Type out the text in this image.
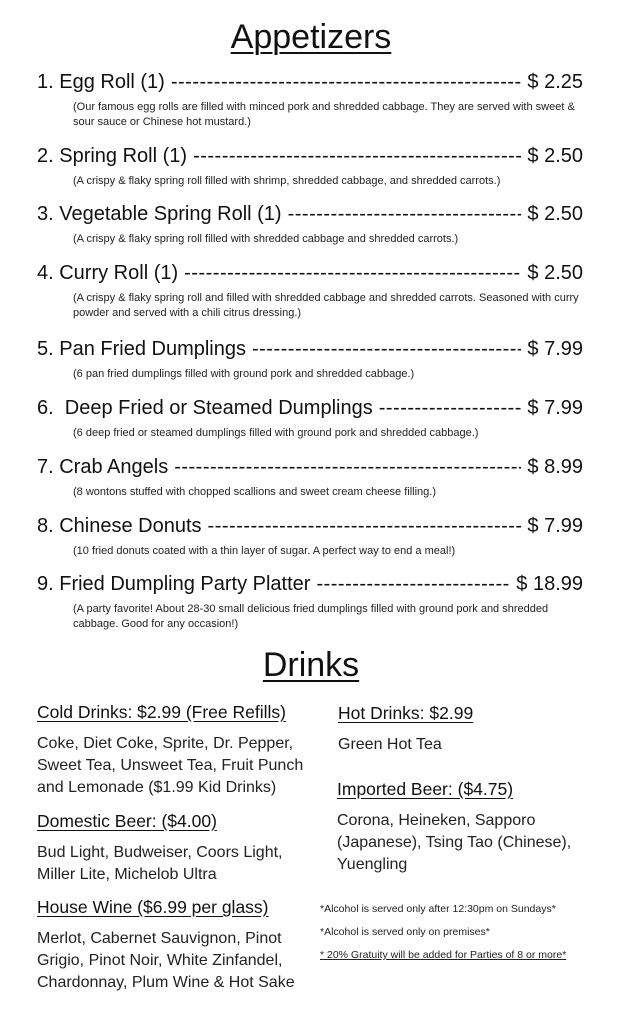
Appetizers
1. Egg Roll (1) -----	$ 2.25
(Our famous egg rolls are filled with minced pork and shredded cabbage. They are served with sweet & sour sauce or Chinese hot mustard.)
2. Spring Roll (1) -----	$ 2.50
(A crispy & flaky spring roll filled with shrimp, shredded cabbage, and shredded carrots.)
3. Vegetable Spring Roll (1) -----	$ 2.50
(A crispy & flaky spring roll filled with shredded cabbage and shredded carrots.)
4. Curry Roll (1) -----	$ 2.50
(A crispy & flaky spring roll and filled with shredded cabbage and shredded carrots. Seasoned with curry powder and served with a chili citrus dressing.)
5. Pan Fried Dumplings -----	$ 7.99
(6 pan fried dumplings filled with ground pork and shredded cabbage.)
6.  Deep Fried or Steamed Dumplings -----	$ 7.99
(6 deep fried or steamed dumplings filled with ground pork and shredded cabbage.)
7. Crab Angels -----	$ 8.99
(8 wontons stuffed with chopped scallions and sweet cream cheese filling.)
8. Chinese Donuts -----	$ 7.99
(10 fried donuts coated with a thin layer of sugar. A perfect way to end a meal!)
9. Fried Dumpling Party Platter -----	$ 18.99
(A party favorite! About 28-30 small delicious fried dumplings filled with ground pork and shredded cabbage. Good for any occasion!)
Drinks
Cold Drinks: $2.99 (Free Refills)
Coke, Diet Coke, Sprite, Dr. Pepper, Sweet Tea, Unsweet Tea, Fruit Punch and Lemonade ($1.99 Kid Drinks)
Domestic Beer: ($4.00)
Bud Light, Budweiser, Coors Light, Miller Lite, Michelob Ultra
House Wine ($6.99 per glass)
Merlot, Cabernet Sauvignon, Pinot Grigio, Pinot Noir, White Zinfandel, Chardonnay, Plum Wine & Hot Sake
Hot Drinks: $2.99
Green Hot Tea
Imported Beer: ($4.75)
Corona, Heineken, Sapporo (Japanese), Tsing Tao (Chinese), Yuengling
*Alcohol is served only after 12:30pm on Sundays*
*Alcohol is served only on premises*
* 20% Gratuity will be added for Parties of 8 or more*
